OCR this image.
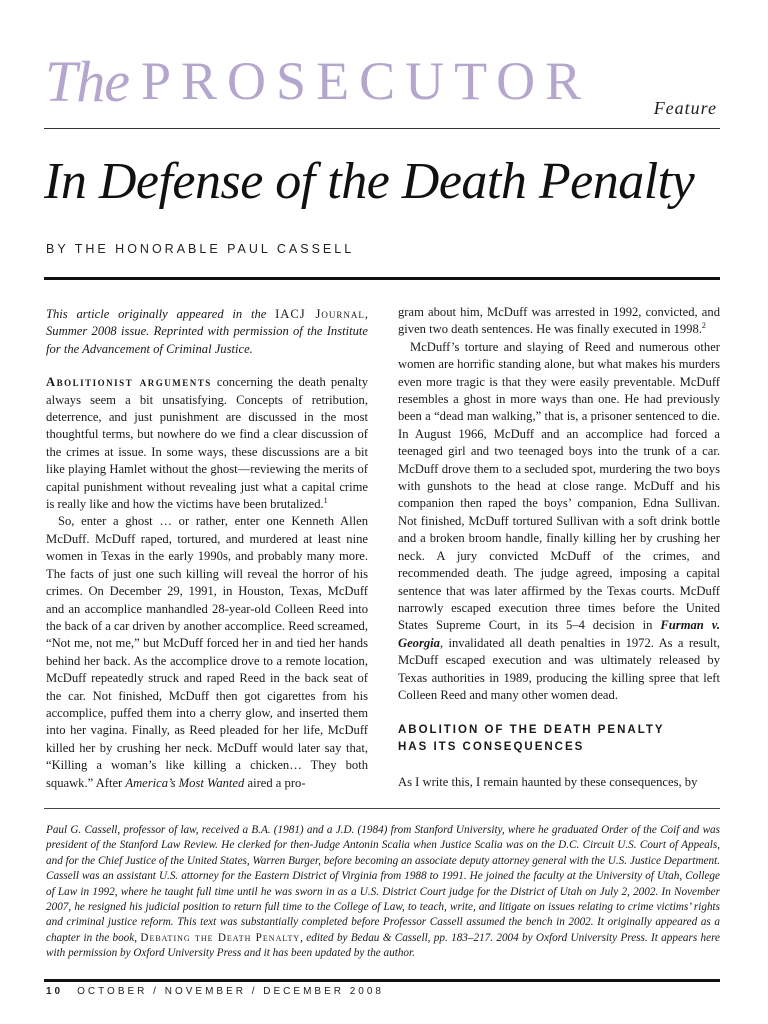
The PROSECUTOR	Feature
In Defense of the Death Penalty
BY THE HONORABLE PAUL CASSELL

This article originally appeared in the IACJ Journal, Summer 2008 issue. Reprinted with permission of the Institute for the Advancement of Criminal Justice.

Abolitionist arguments concerning the death penalty always seem a bit unsatisfying. Concepts of retribution, deterrence, and just punishment are discussed in the most thoughtful terms, but nowhere do we find a clear discussion of the crimes at issue. In some ways, these discussions are a bit like playing Hamlet without the ghost—reviewing the merits of capital punishment without revealing just what a capital crime is really like and how the victims have been brutalized.$^1$

So, enter a ghost … or rather, enter one Kenneth Allen McDuff. McDuff raped, tortured, and murdered at least nine women in Texas in the early 1990s, and probably many more. The facts of just one such killing will reveal the horror of his crimes. On December 29, 1991, in Houston, Texas, McDuff and an accomplice manhandled 28-year-old Colleen Reed into the back of a car driven by another accomplice. Reed screamed, “Not me, not me,” but McDuff forced her in and tied her hands behind her back. As the accomplice drove to a remote location, McDuff repeatedly struck and raped Reed in the back seat of the car. Not finished, McDuff then got cigarettes from his accomplice, puffed them into a cherry glow, and inserted them into her vagina. Finally, as Reed pleaded for her life, McDuff killed her by crushing her neck. McDuff would later say that, “Killing a woman’s like killing a chicken… They both squawk.” After America’s Most Wanted aired a pro-

gram about him, McDuff was arrested in 1992, convicted, and given two death sentences. He was finally executed in 1998.$^2$

McDuff’s torture and slaying of Reed and numerous other women are horrific standing alone, but what makes his murders even more tragic is that they were easily preventable. McDuff resembles a ghost in more ways than one. He had previously been a “dead man walking,” that is, a prisoner sentenced to die. In August 1966, McDuff and an accomplice had forced a teenaged girl and two teenaged boys into the trunk of a car. McDuff drove them to a secluded spot, murdering the two boys with gunshots to the head at close range. McDuff and his companion then raped the boys’ companion, Edna Sullivan. Not finished, McDuff tortured Sullivan with a soft drink bottle and a broken broom handle, finally killing her by crushing her neck. A jury convicted McDuff of the crimes, and recommended death. The judge agreed, imposing a capital sentence that was later affirmed by the Texas courts. McDuff narrowly escaped execution three times before the United States Supreme Court, in its 5–4 decision in Furman v. Georgia, invalidated all death penalties in 1972. As a result, McDuff escaped execution and was ultimately released by Texas authorities in 1989, producing the killing spree that left Colleen Reed and many other women dead.

ABOLITION OF THE DEATH PENALTY
HAS ITS CONSEQUENCES

As I write this, I remain haunted by these consequences, by

Paul G. Cassell, professor of law, received a B.A. (1981) and a J.D. (1984) from Stanford University, where he graduated Order of the Coif and was president of the Stanford Law Review. He clerked for then-Judge Antonin Scalia when Justice Scalia was on the D.C. Circuit U.S. Court of Appeals, and for the Chief Justice of the United States, Warren Burger, before becoming an associate deputy attorney general with the U.S. Justice Department. Cassell was an assistant U.S. attorney for the Eastern District of Virginia from 1988 to 1991. He joined the faculty at the University of Utah, College of Law in 1992, where he taught full time until he was sworn in as a U.S. District Court judge for the District of Utah on July 2, 2002. In November 2007, he resigned his judicial position to return full time to the College of Law, to teach, write, and litigate on issues relating to crime victims’ rights and criminal justice reform. This text was substantially completed before Professor Cassell assumed the bench in 2002. It originally appeared as a chapter in the book, Debating the Death Penalty, edited by Bedau & Cassell, pp. 183–217. 2004 by Oxford University Press. It appears here with permission by Oxford University Press and it has been updated by the author.
10 OCTOBER / NOVEMBER / DECEMBER 2008
